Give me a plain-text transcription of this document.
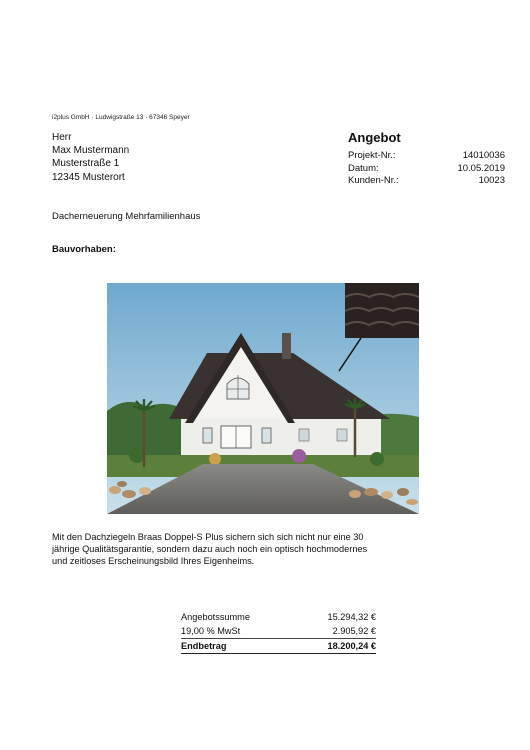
i2plus GmbH · Ludwigstraße 13 · 67346 Speyer
Herr
Max Mustermann
Musterstraße 1
12345 Musterort
Angebot
Projekt-Nr.:	14010036
Datum:	10.05.2019
Kunden-Nr.:	10023
Dacherneuerung Mehrfamilienhaus
Bauvorhaben:
Mit den Dachziegeln Braas Doppel-S Plus sichern sich sich nicht nur eine 30
jährige Qualitätsgarantie, sondern dazu auch noch ein optisch hochmodernes
und zeitloses Erscheinungsbild Ihres Eigenheims.
Angebotssumme	15.294,32 €
19,00 % MwSt	2.905,92 €
Endbetrag	18.200,24 €
